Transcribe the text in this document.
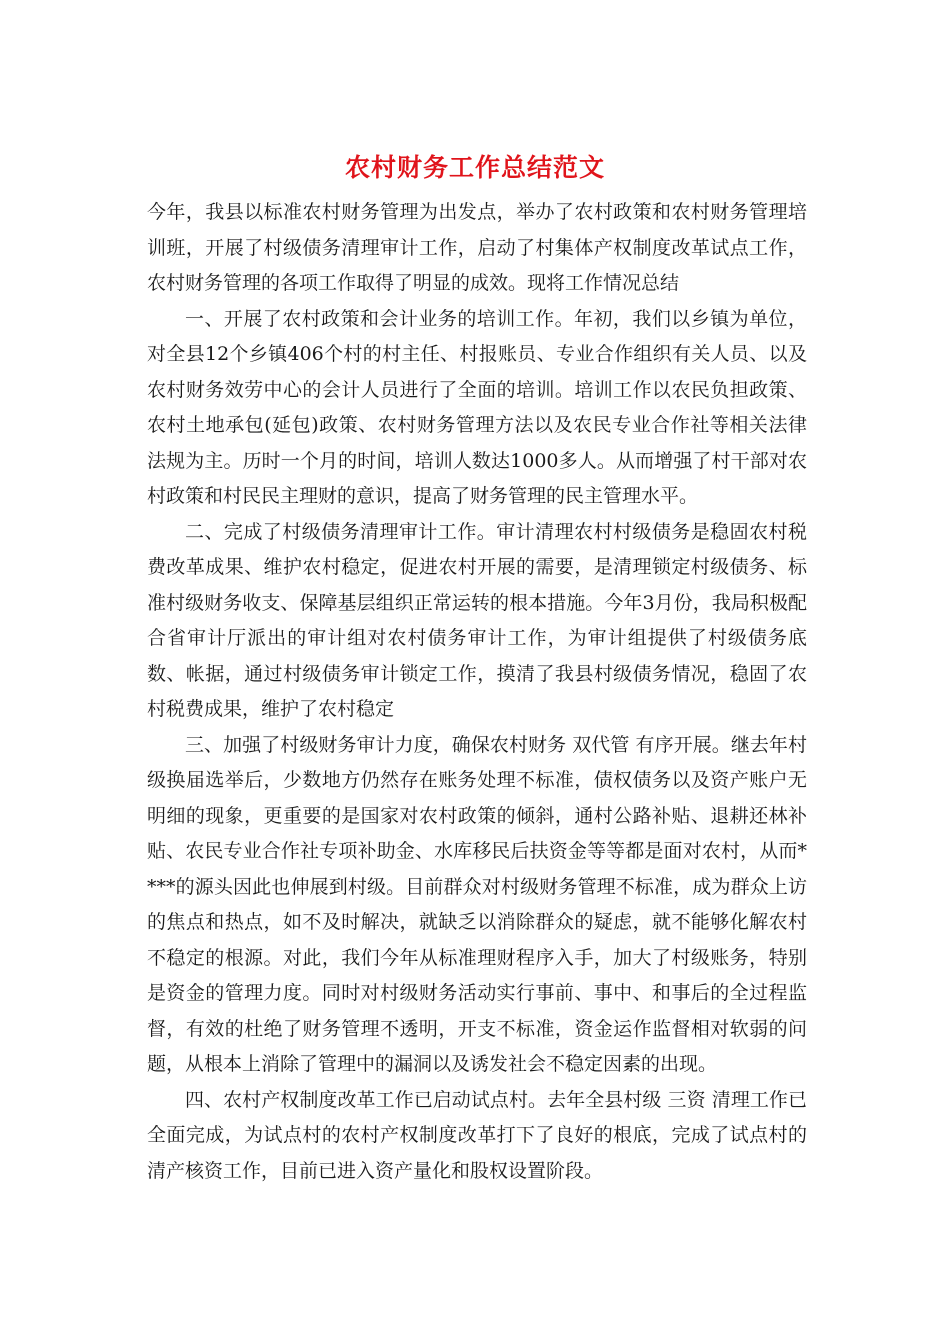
农村财务工作总结范文

今年，我县以标准农村财务管理为出发点，举办了农村政策和农村财务管理培训班，开展了村级债务清理审计工作，启动了村集体产权制度改革试点工作，农村财务管理的各项工作取得了明显的成效。现将工作情况总结

一、开展了农村政策和会计业务的培训工作。年初，我们以乡镇为单位，对全县12个乡镇406个村的村主任、村报账员、专业合作组织有关人员、以及农村财务效劳中心的会计人员进行了全面的培训。培训工作以农民负担政策、农村土地承包(延包)政策、农村财务管理方法以及农民专业合作社等相关法律法规为主。历时一个月的时间，培训人数达1000多人。从而增强了村干部对农村政策和村民民主理财的意识，提高了财务管理的民主管理水平。

二、完成了村级债务清理审计工作。审计清理农村村级债务是稳固农村税费改革成果、维护农村稳定，促进农村开展的需要，是清理锁定村级债务、标准村级财务收支、保障基层组织正常运转的根本措施。今年3月份，我局积极配合省审计厅派出的审计组对农村债务审计工作，为审计组提供了村级债务底数、帐据，通过村级债务审计锁定工作，摸清了我县村级债务情况，稳固了农村税费成果，维护了农村稳定

三、加强了村级财务审计力度，确保农村财务 双代管 有序开展。继去年村级换届选举后，少数地方仍然存在账务处理不标准，债权债务以及资产账户无明细的现象，更重要的是国家对农村政策的倾斜，通村公路补贴、退耕还林补贴、农民专业合作社专项补助金、水库移民后扶资金等等都是面对农村，从而****的源头因此也伸展到村级。目前群众对村级财务管理不标准，成为群众上访的焦点和热点，如不及时解决，就缺乏以消除群众的疑虑，就不能够化解农村不稳定的根源。对此，我们今年从标准理财程序入手，加大了村级账务，特别是资金的管理力度。同时对村级财务活动实行事前、事中、和事后的全过程监督，有效的杜绝了财务管理不透明，开支不标准，资金运作监督相对软弱的问题，从根本上消除了管理中的漏洞以及诱发社会不稳定因素的出现。

四、农村产权制度改革工作已启动试点村。去年全县村级 三资 清理工作已全面完成，为试点村的农村产权制度改革打下了良好的根底，完成了试点村的清产核资工作，目前已进入资产量化和股权设置阶段。
